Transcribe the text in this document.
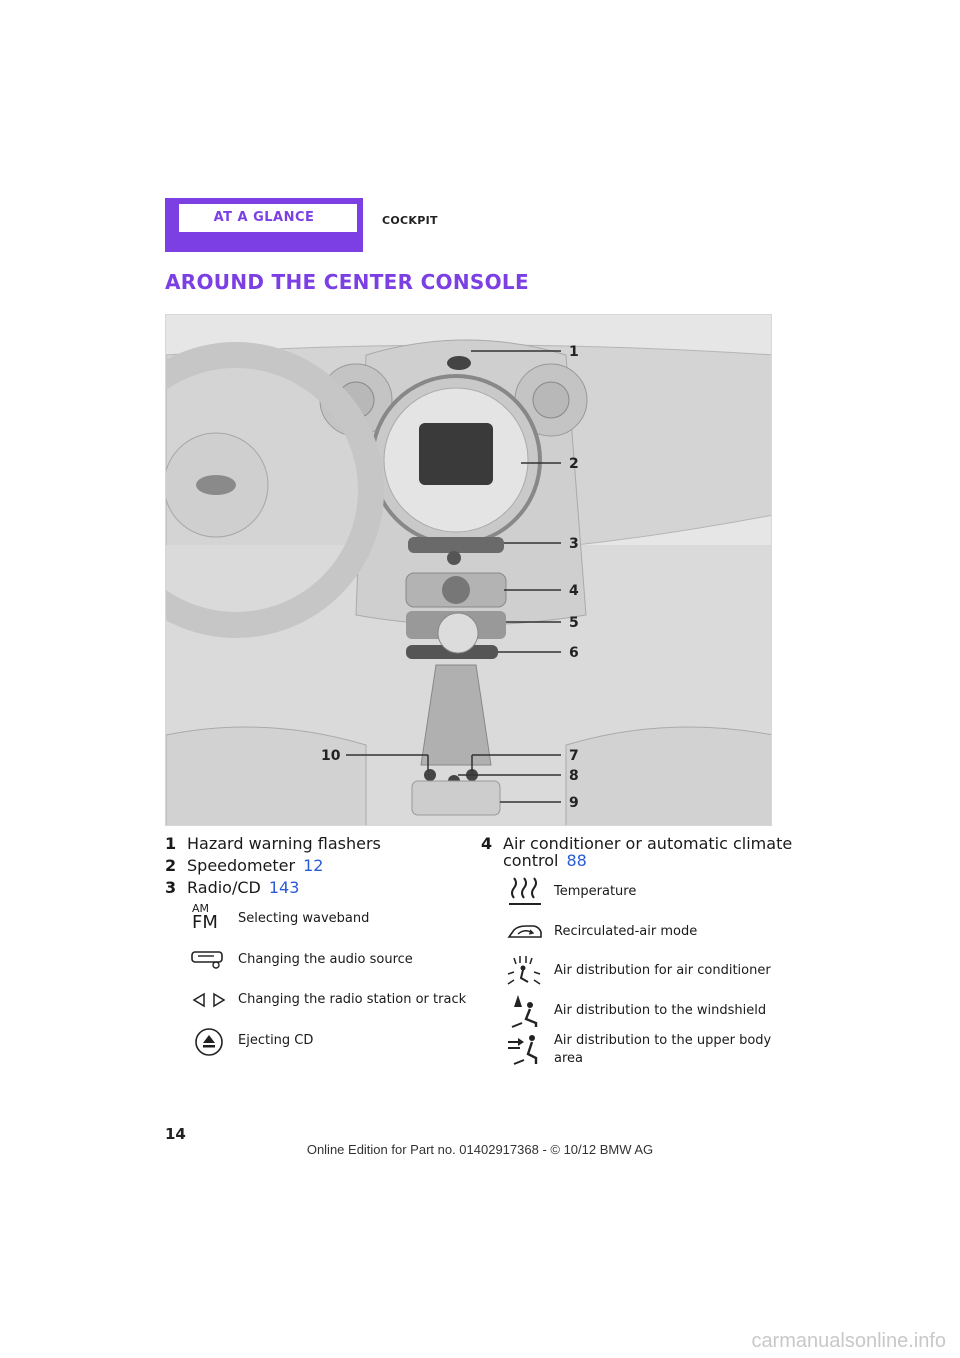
AT A GLANCE	COCKPIT
AROUND THE CENTER CONSOLE
1
2
3
4
5
6
7
8
9
10
1 Hazard warning flashers
2 Speedometer 12
3 Radio/CD 143
AM
FM	Selecting waveband
Changing the audio source
Changing the radio station or track
Ejecting CD
4 Air conditioner or automatic climate
control 88
Temperature
Recirculated-air mode
Air distribution for air conditioner
Air distribution to the windshield
Air distribution to the upper body
area
14
Online Edition for Part no. 01402917368 - © 10/12 BMW AG
carmanualsonline.info
